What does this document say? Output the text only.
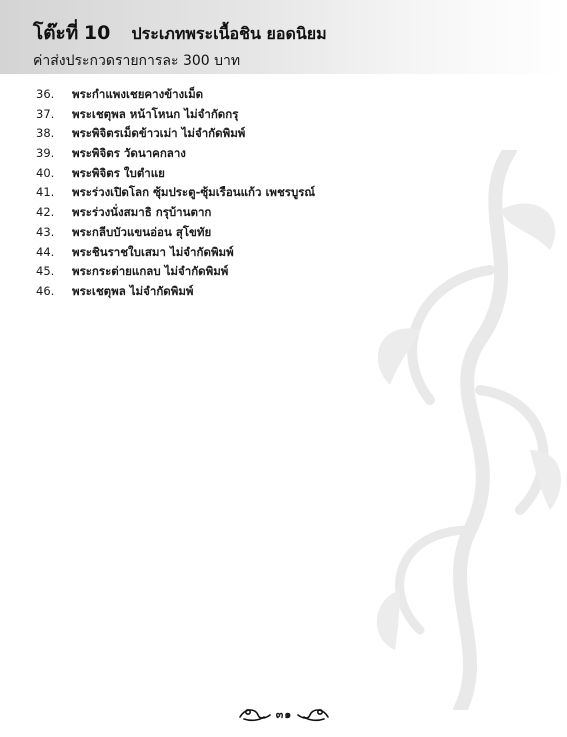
โต๊ะที่ 10 ประเภทพระเนื้อชิน ยอดนิยม
ค่าส่งประกวดรายการละ 300 บาท
36.	พระกำแพงเชยคางข้างเม็ด
37.	พระเชตุพล หน้าโหนก ไม่จำกัดกรุ
38.	พระพิจิตรเม็ดข้าวเม่า ไม่จำกัดพิมพ์
39.	พระพิจิตร วัดนาคกลาง
40.	พระพิจิตร ใบตำแย
41.	พระร่วงเปิดโลก ซุ้มประตู-ซุ้มเรือนแก้ว เพชรบูรณ์
42.	พระร่วงนั่งสมาธิ กรุบ้านตาก
43.	พระกลีบบัวแขนอ่อน สุโขทัย
44.	พระชินราชใบเสมา ไม่จำกัดพิมพ์
45.	พระกระต่ายแกลบ ไม่จำกัดพิมพ์
46.	พระเชตุพล ไม่จำกัดพิมพ์
๓๑
